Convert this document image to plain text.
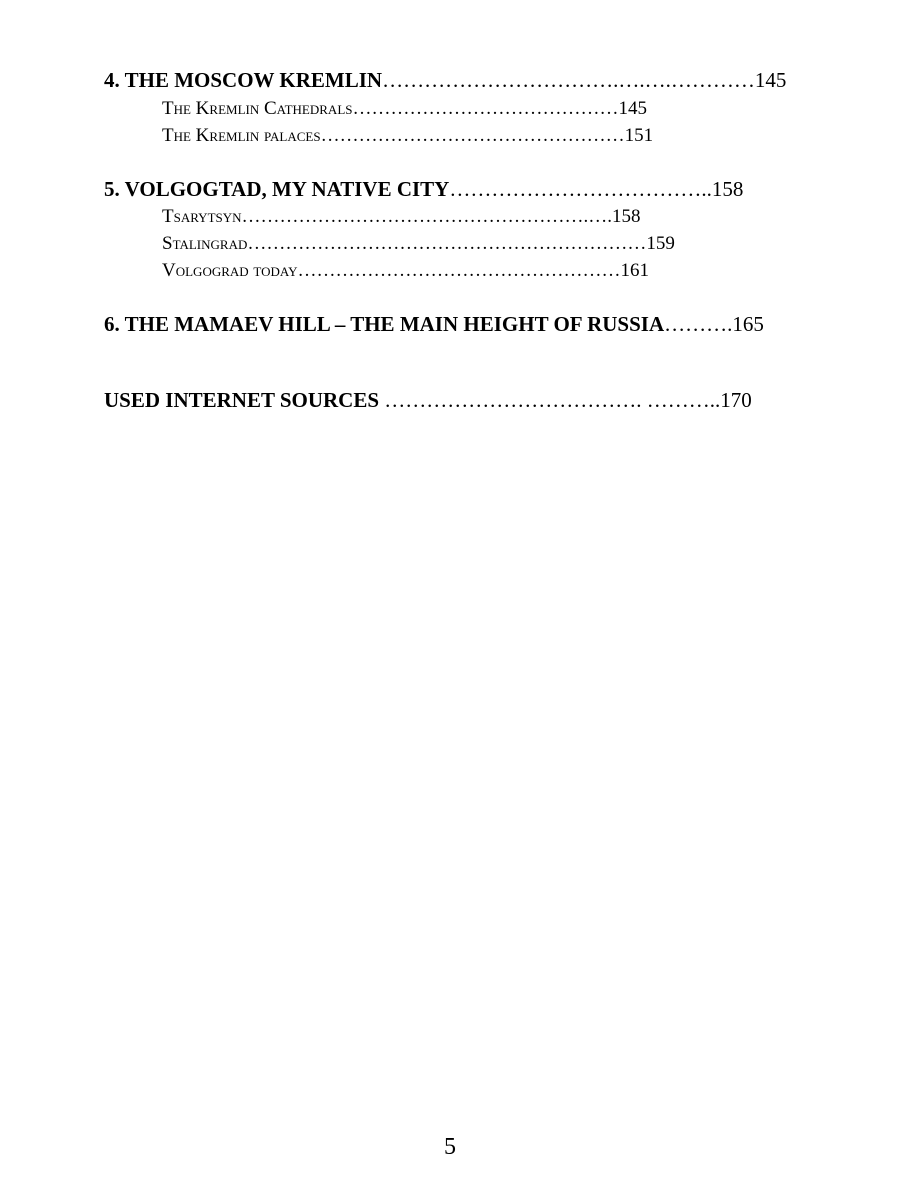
4. THE MOSCOW KREMLIN…………………………….….….…………145
The Kremlin Cathedrals……………………………………145
The Kremlin palaces…………………………………………151
5. VOLGOGTAD, MY NATIVE CITY………………………………..158
Tsarytsyn……………………………………………….….158
Stalingrad………………………………………………………159
Volgograd today……………………………………………161
6. THE MAMAEV HILL – THE MAIN HEIGHT OF RUSSIA……….165
USED INTERNET SOURCES ………………………………. ………..170
5
